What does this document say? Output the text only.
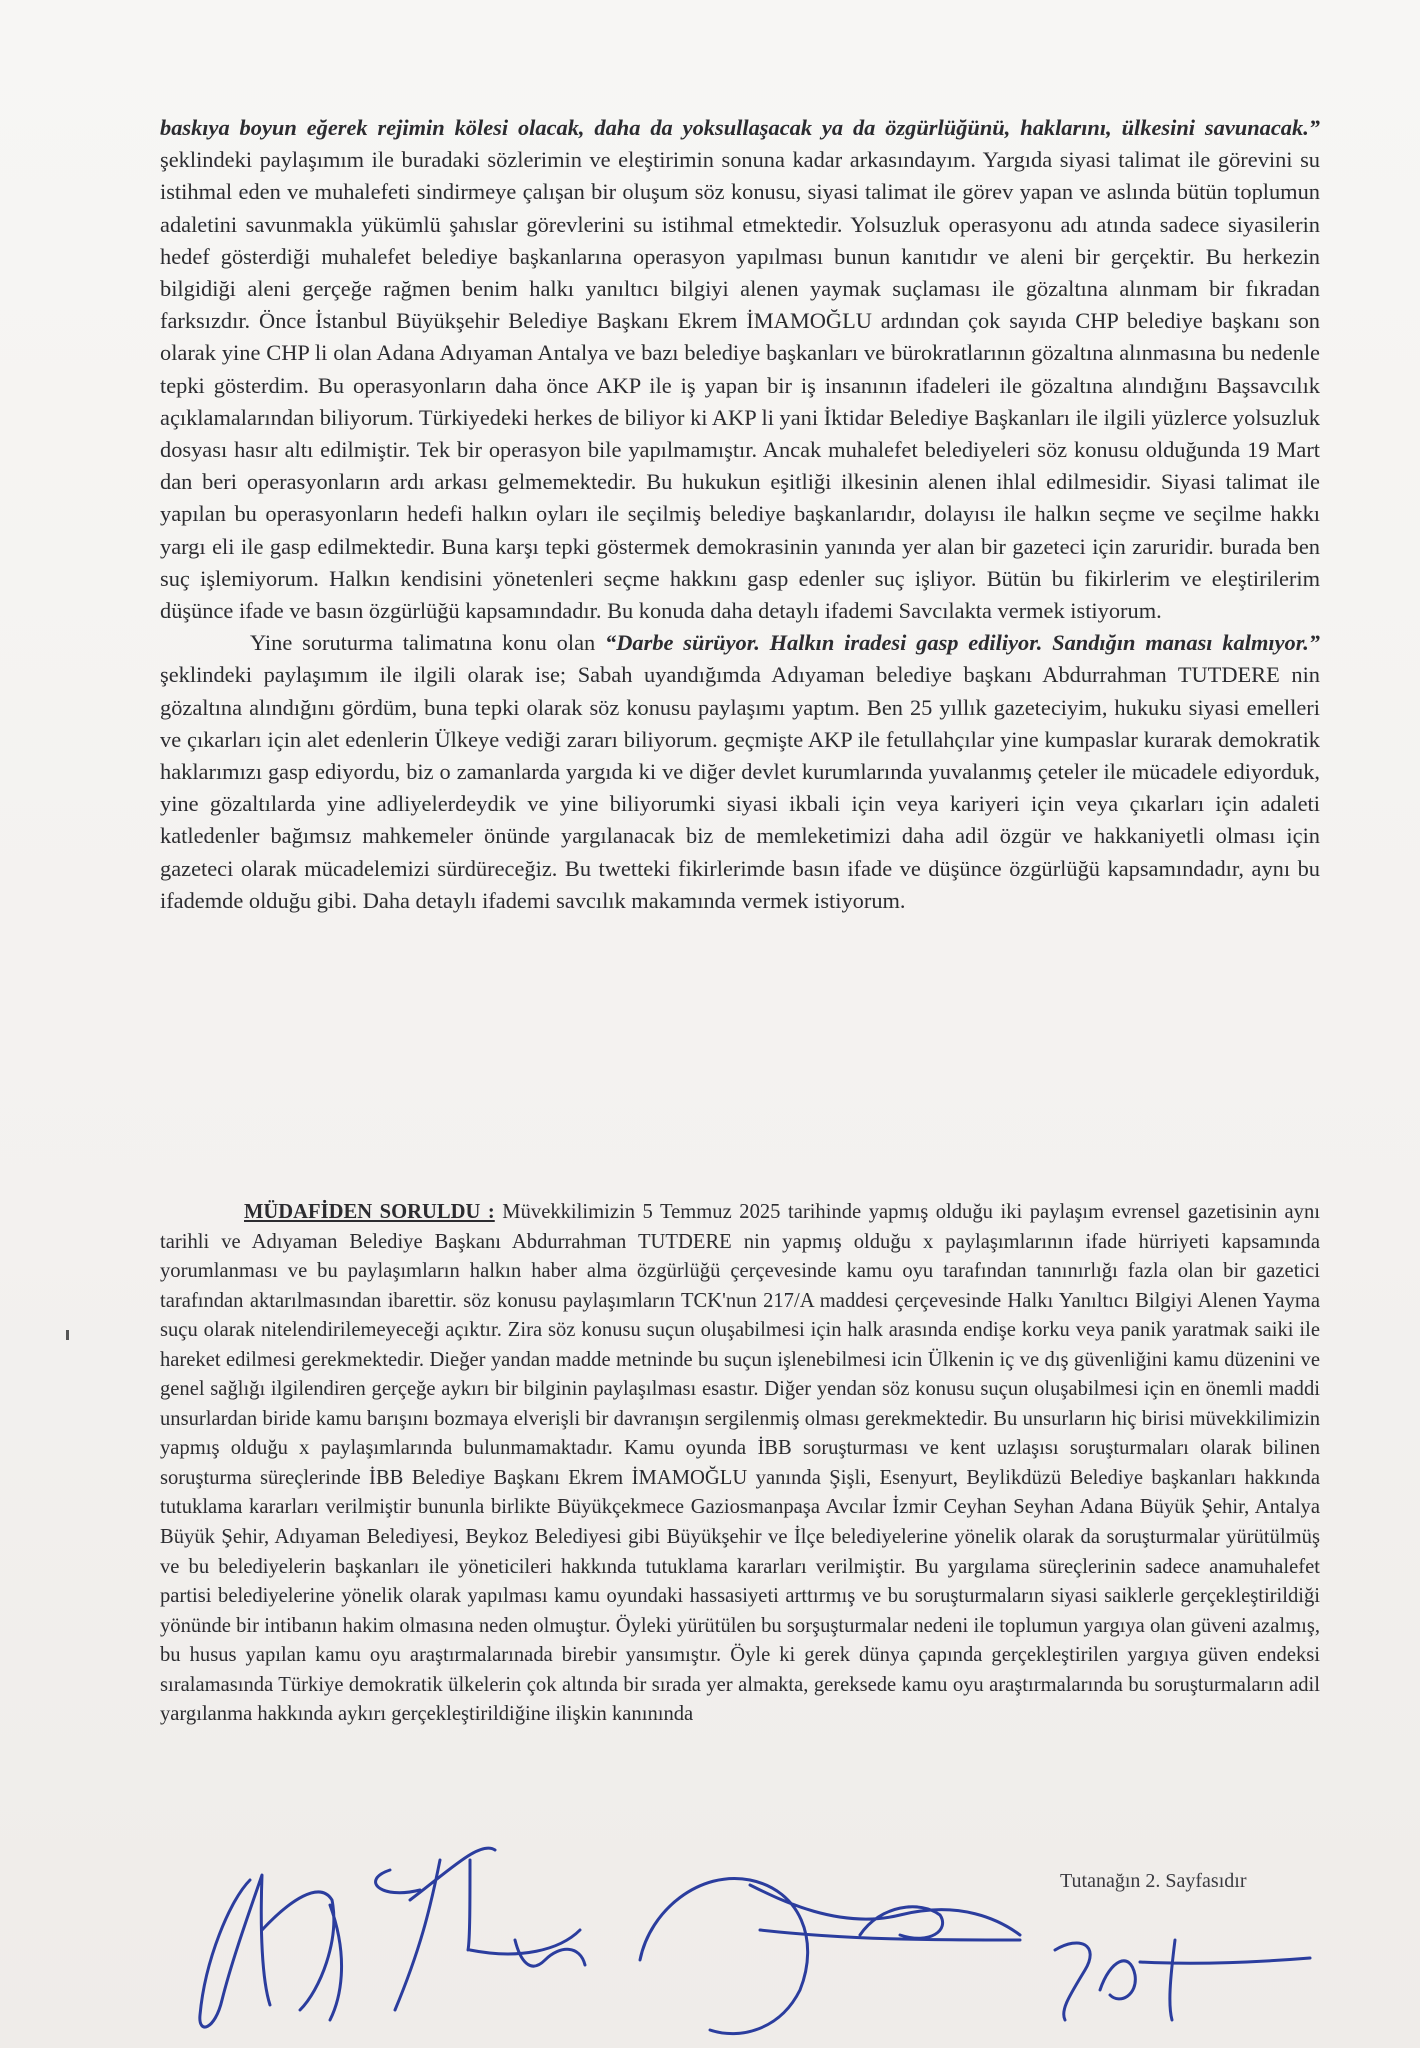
baskıya boyun eğerek rejimin kölesi olacak, daha da yoksullaşacak ya da özgürlüğünü, haklarını, ülkesini savunacak.” şeklindeki paylaşımım ile buradaki sözlerimin ve eleştirimin sonuna kadar arkasındayım. Yargıda siyasi talimat ile görevini su istihmal eden ve muhalefeti sindirmeye çalışan bir oluşum söz konusu, siyasi talimat ile görev yapan ve aslında bütün toplumun adaletini savunmakla yükümlü şahıslar görevlerini su istihmal etmektedir. Yolsuzluk operasyonu adı atında sadece siyasilerin hedef gösterdiği muhalefet belediye başkanlarına operasyon yapılması bunun kanıtıdır ve aleni bir gerçektir. Bu herkezin bilgidiği aleni gerçeğe rağmen benim halkı yanıltıcı bilgiyi alenen yaymak suçlaması ile gözaltına alınmam bir fıkradan farksızdır. Önce İstanbul Büyükşehir Belediye Başkanı Ekrem İMAMOĞLU ardından çok sayıda CHP belediye başkanı son olarak yine CHP li olan Adana Adıyaman Antalya ve bazı belediye başkanları ve bürokratlarının gözaltına alınmasına bu nedenle tepki gösterdim. Bu operasyonların daha önce AKP ile iş yapan bir iş insanının ifadeleri ile gözaltına alındığını Başsavcılık açıklamalarından biliyorum. Türkiyedeki herkes de biliyor ki AKP li yani İktidar Belediye Başkanları ile ilgili yüzlerce yolsuzluk dosyası hasır altı edilmiştir. Tek bir operasyon bile yapılmamıştır. Ancak muhalefet belediyeleri söz konusu olduğunda 19 Mart dan beri operasyonların ardı arkası gelmemektedir. Bu hukukun eşitliği ilkesinin alenen ihlal edilmesidir. Siyasi talimat ile yapılan bu operasyonların hedefi halkın oyları ile seçilmiş belediye başkanlarıdır, dolayısı ile halkın seçme ve seçilme hakkı yargı eli ile gasp edilmektedir. Buna karşı tepki göstermek demokrasinin yanında yer alan bir gazeteci için zaruridir. burada ben suç işlemiyorum. Halkın kendisini yönetenleri seçme hakkını gasp edenler suç işliyor. Bütün bu fikirlerim ve eleştirilerim düşünce ifade ve basın özgürlüğü kapsamındadır. Bu konuda daha detaylı ifademi Savcılakta vermek istiyorum.

Yine soruturma talimatına konu olan “Darbe sürüyor. Halkın iradesi gasp ediliyor. Sandığın manası kalmıyor.” şeklindeki paylaşımım ile ilgili olarak ise; Sabah uyandığımda Adıyaman belediye başkanı Abdurrahman TUTDERE nin gözaltına alındığını gördüm, buna tepki olarak söz konusu paylaşımı yaptım. Ben 25 yıllık gazeteciyim, hukuku siyasi emelleri ve çıkarları için alet edenlerin Ülkeye vediği zararı biliyorum. geçmişte AKP ile fetullahçılar yine kumpaslar kurarak demokratik haklarımızı gasp ediyordu, biz o zamanlarda yargıda ki ve diğer devlet kurumlarında yuvalanmış çeteler ile mücadele ediyorduk, yine gözaltılarda yine adliyelerdeydik ve yine biliyorumki siyasi ikbali için veya kariyeri için veya çıkarları için adaleti katledenler bağımsız mahkemeler önünde yargılanacak biz de memleketimizi daha adil özgür ve hakkaniyetli olması için gazeteci olarak mücadelemizi sürdüreceğiz. Bu twetteki fikirlerimde basın ifade ve düşünce özgürlüğü kapsamındadır, aynı bu ifademde olduğu gibi. Daha detaylı ifademi savcılık makamında vermek istiyorum.

MÜDAFİDEN SORULDU : Müvekkilimizin 5 Temmuz 2025 tarihinde yapmış olduğu iki paylaşım evrensel gazetisinin aynı tarihli ve Adıyaman Belediye Başkanı Abdurrahman TUTDERE nin yapmış olduğu x paylaşımlarının ifade hürriyeti kapsamında yorumlanması ve bu paylaşımların halkın haber alma özgürlüğü çerçevesinde kamu oyu tarafından tanınırlığı fazla olan bir gazetici tarafından aktarılmasından ibarettir. söz konusu paylaşımların TCK'nun 217/A maddesi çerçevesinde Halkı Yanıltıcı Bilgiyi Alenen Yayma suçu olarak nitelendirilemeyeceği açıktır. Zira söz konusu suçun oluşabilmesi için halk arasında endişe korku veya panik yaratmak saiki ile hareket edilmesi gerekmektedir. Dieğer yandan madde metninde bu suçun işlenebilmesi icin Ülkenin iç ve dış güvenliğini kamu düzenini ve genel sağlığı ilgilendiren gerçeğe aykırı bir bilginin paylaşılması esastır. Diğer yendan söz konusu suçun oluşabilmesi için en önemli maddi unsurlardan biride kamu barışını bozmaya elverişli bir davranışın sergilenmiş olması gerekmektedir. Bu unsurların hiç birisi müvekkilimizin yapmış olduğu x paylaşımlarında bulunmamaktadır. Kamu oyunda İBB soruşturması ve kent uzlaşısı soruşturmaları olarak bilinen soruşturma süreçlerinde İBB Belediye Başkanı Ekrem İMAMOĞLU yanında Şişli, Esenyurt, Beylikdüzü Belediye başkanları hakkında tutuklama kararları verilmiştir bununla birlikte Büyükçekmece Gaziosmanpaşa Avcılar İzmir Ceyhan Seyhan Adana Büyük Şehir, Antalya Büyük Şehir, Adıyaman Belediyesi, Beykoz Belediyesi gibi Büyükşehir ve İlçe belediyelerine yönelik olarak da soruşturmalar yürütülmüş ve bu belediyelerin başkanları ile yöneticileri hakkında tutuklama kararları verilmiştir. Bu yargılama süreçlerinin sadece anamuhalefet partisi belediyelerine yönelik olarak yapılması kamu oyundaki hassasiyeti arttırmış ve bu soruşturmaların siyasi saiklerle gerçekleştirildiği yönünde bir intibanın hakim olmasına neden olmuştur. Öyleki yürütülen bu sorşuşturmalar nedeni ile toplumun yargıya olan güveni azalmış, bu husus yapılan kamu oyu araştırmalarınada birebir yansımıştır. Öyle ki gerek dünya çapında gerçekleştirilen yargıya güven endeksi sıralamasında Türkiye demokratik ülkelerin çok altında bir sırada yer almakta, gereksede kamu oyu araştırmalarında bu soruşturmaların adil yargılanma hakkında aykırı gerçekleştirildiğine ilişkin kanınında

Tutanağın 2. Sayfasıdır
